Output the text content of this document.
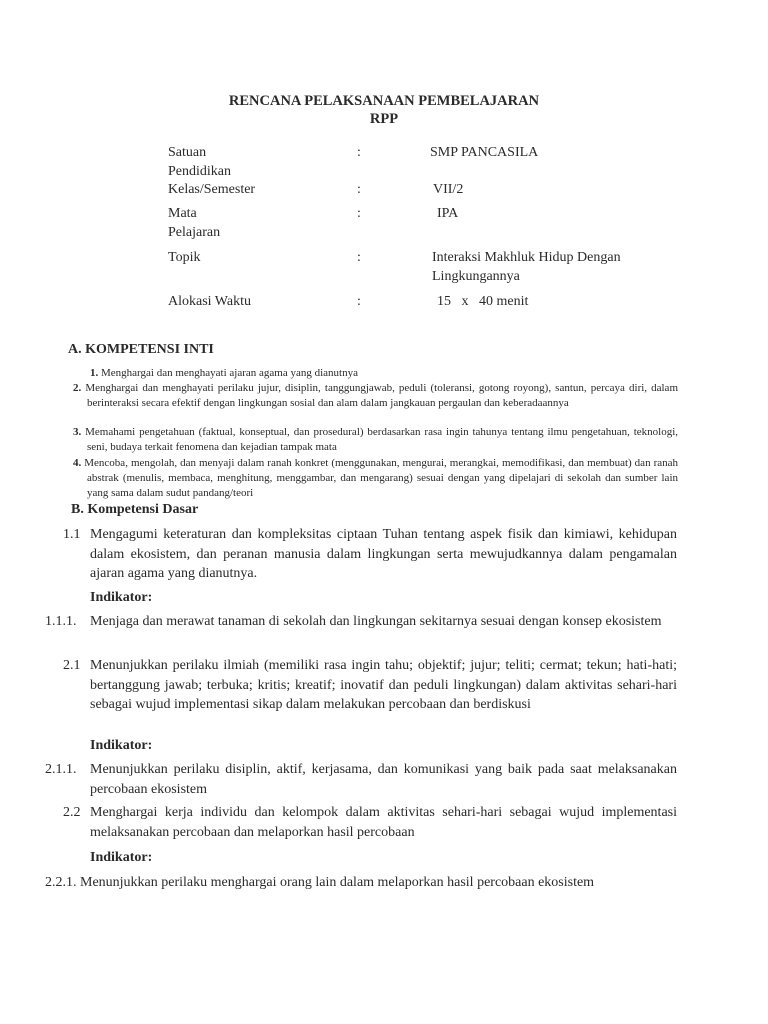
RENCANA PELAKSANAAN PEMBELAJARAN
RPP
Satuan
Pendidikan
:	SMP PANCASILA
Kelas/Semester	:	VII/2
Mata
Pelajaran
:	IPA
Topik	:	Interaksi Makhluk Hidup Dengan
Lingkungannya
Alokasi Waktu	:	15   x   40 menit
A. KOMPETENSI INTI
1. Menghargai dan menghayati ajaran agama yang dianutnya
2. Menghargai dan menghayati perilaku jujur, disiplin, tanggungjawab, peduli (toleransi, gotong royong), santun, percaya diri, dalam berinteraksi secara efektif dengan lingkungan sosial dan alam dalam jangkauan pergaulan dan keberadaannya
3. Memahami pengetahuan (faktual, konseptual, dan prosedural) berdasarkan rasa ingin tahunya tentang ilmu pengetahuan, teknologi, seni, budaya terkait fenomena dan kejadian tampak mata
4. Mencoba, mengolah, dan menyaji dalam ranah konkret (menggunakan, mengurai, merangkai, memodifikasi, dan membuat) dan ranah abstrak (menulis, membaca, menghitung, menggambar, dan mengarang) sesuai dengan yang dipelajari di sekolah dan sumber lain yang sama dalam sudut pandang/teori
B. Kompetensi Dasar
1.1 Mengagumi keteraturan dan kompleksitas ciptaan Tuhan tentang aspek fisik dan kimiawi, kehidupan dalam ekosistem, dan peranan manusia dalam lingkungan serta mewujudkannya dalam pengamalan ajaran agama yang dianutnya.
Indikator:
1.1.1. Menjaga dan merawat tanaman di sekolah dan lingkungan sekitarnya sesuai dengan konsep ekosistem
2.1 Menunjukkan perilaku ilmiah (memiliki rasa ingin tahu; objektif; jujur; teliti; cermat; tekun; hati-hati; bertanggung jawab; terbuka; kritis; kreatif; inovatif dan peduli lingkungan) dalam aktivitas sehari-hari sebagai wujud implementasi sikap dalam melakukan percobaan dan berdiskusi
Indikator:
2.1.1. Menunjukkan perilaku disiplin, aktif, kerjasama, dan komunikasi yang baik pada saat melaksanakan percobaan ekosistem
2.2 Menghargai kerja individu dan kelompok dalam aktivitas sehari-hari sebagai wujud implementasi melaksanakan percobaan dan melaporkan hasil percobaan
Indikator:
2.2.1. Menunjukkan perilaku menghargai orang lain dalam melaporkan hasil percobaan ekosistem
